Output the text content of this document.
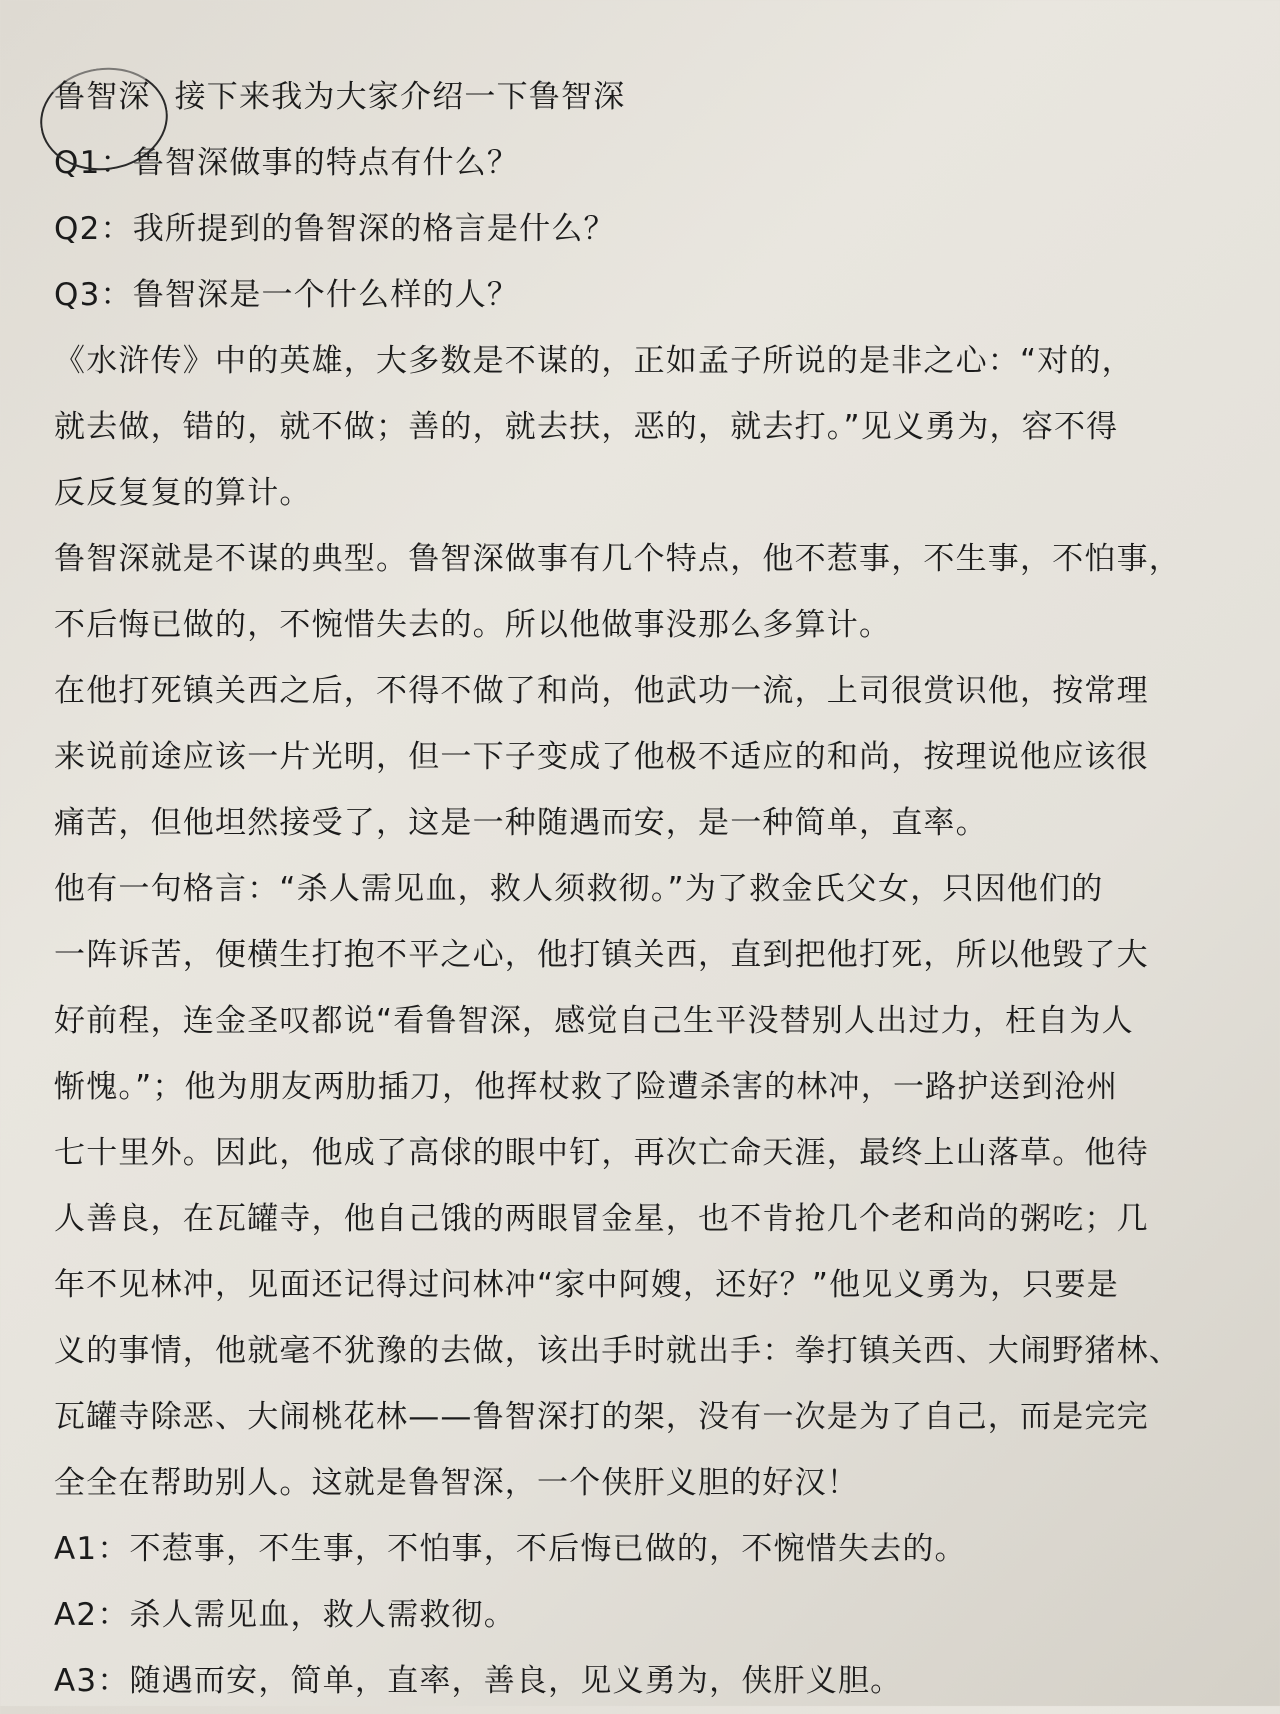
鲁智深 接下来我为大家介绍一下鲁智深

Q1：鲁智深做事的特点有什么？

Q2：我所提到的鲁智深的格言是什么？

Q3：鲁智深是一个什么样的人？

《水浒传》中的英雄，大多数是不谋的，正如孟子所说的是非之心：“对的，

就去做，错的，就不做；善的，就去扶，恶的，就去打。”见义勇为，容不得

反反复复的算计。

鲁智深就是不谋的典型。鲁智深做事有几个特点，他不惹事，不生事，不怕事，

不后悔已做的，不惋惜失去的。所以他做事没那么多算计。

在他打死镇关西之后，不得不做了和尚，他武功一流，上司很赏识他，按常理

来说前途应该一片光明，但一下子变成了他极不适应的和尚，按理说他应该很

痛苦，但他坦然接受了，这是一种随遇而安，是一种简单，直率。

他有一句格言：“杀人需见血，救人须救彻。”为了救金氏父女，只因他们的

一阵诉苦，便横生打抱不平之心，他打镇关西，直到把他打死，所以他毁了大

好前程，连金圣叹都说“看鲁智深，感觉自己生平没替别人出过力，枉自为人

惭愧。”；他为朋友两肋插刀，他挥杖救了险遭杀害的林冲，一路护送到沧州

七十里外。因此，他成了高俅的眼中钉，再次亡命天涯，最终上山落草。他待

人善良，在瓦罐寺，他自己饿的两眼冒金星，也不肯抢几个老和尚的粥吃；几

年不见林冲，见面还记得过问林冲“家中阿嫂，还好？”他见义勇为，只要是

义的事情，他就毫不犹豫的去做，该出手时就出手：拳打镇关西、大闹野猪林、

瓦罐寺除恶、大闹桃花林——鲁智深打的架，没有一次是为了自己，而是完完

全全在帮助别人。这就是鲁智深，一个侠肝义胆的好汉！

A1：不惹事，不生事，不怕事，不后悔已做的，不惋惜失去的。

A2：杀人需见血，救人需救彻。

A3：随遇而安，简单，直率，善良，见义勇为，侠肝义胆。
